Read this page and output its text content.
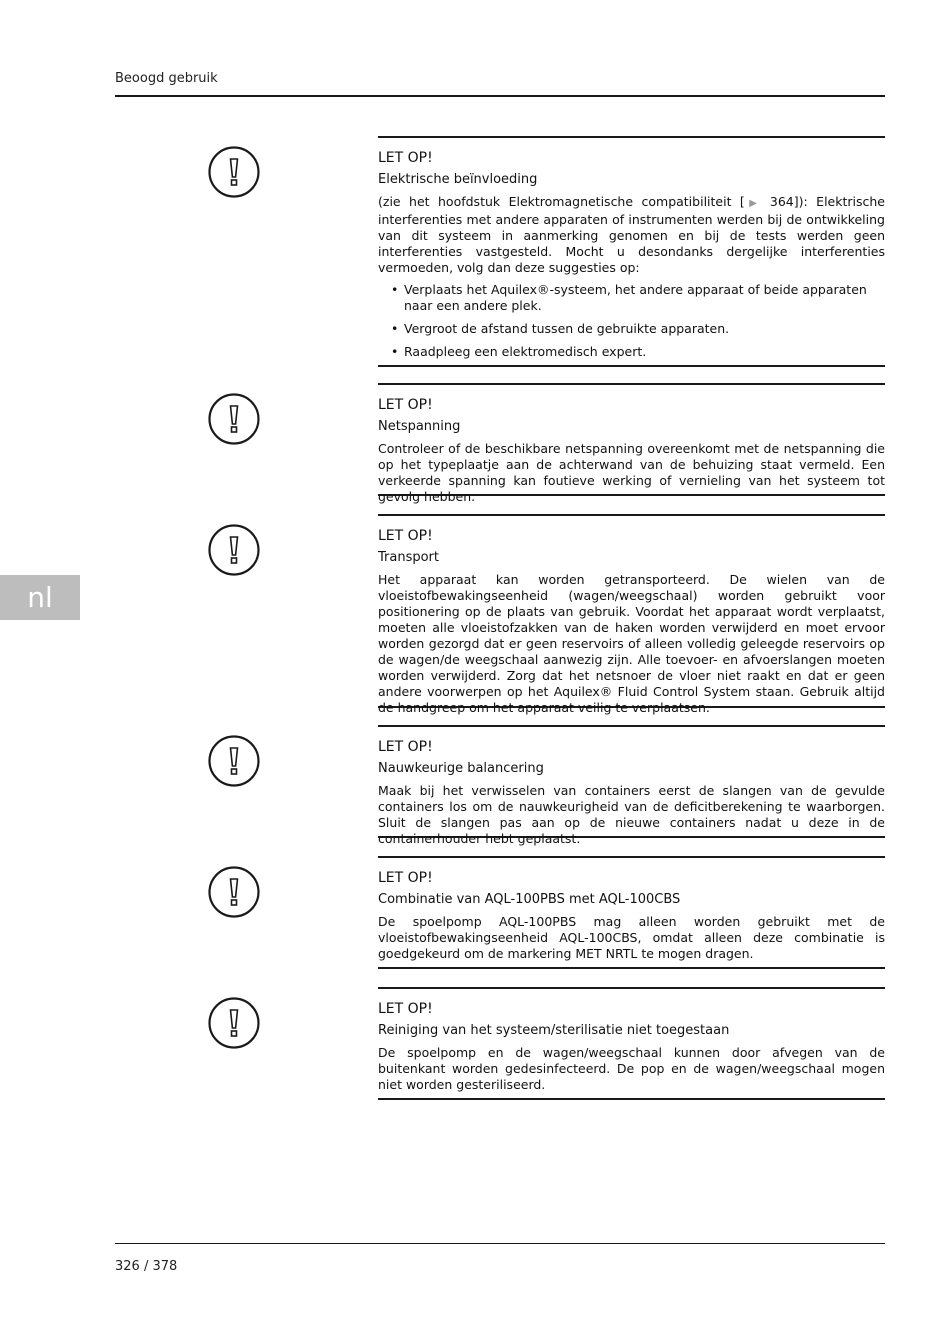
Beoogd gebruik
nl

LET OP!

Elektrische beïnvloeding

(zie het hoofdstuk Elektromagnetische compatibiliteit [▶ 364]): Elektrische interferenties met andere apparaten of instrumenten werden bij de ontwikkeling van dit systeem in aanmerking genomen en bij de tests werden geen interferenties vastgesteld. Mocht u desondanks dergelijke interferenties vermoeden, volg dan deze suggesties op:

• Verplaats het Aquilex®-systeem, het andere apparaat of beide apparaten naar een andere plek.
• Vergroot de afstand tussen de gebruikte apparaten.
• Raadpleeg een elektromedisch expert.

LET OP!

Netspanning

Controleer of de beschikbare netspanning overeenkomt met de netspanning die op het typeplaatje aan de achterwand van de behuizing staat vermeld. Een verkeerde spanning kan foutieve werking of vernieling van het systeem tot gevolg hebben.

LET OP!

Transport

Het apparaat kan worden getransporteerd. De wielen van de vloeistofbewakingseenheid (wagen/weegschaal) worden gebruikt voor positionering op de plaats van gebruik. Voordat het apparaat wordt verplaatst, moeten alle vloeistofzakken van de haken worden verwijderd en moet ervoor worden gezorgd dat er geen reservoirs of alleen volledig geleegde reservoirs op de wagen/de weegschaal aanwezig zijn. Alle toevoer- en afvoerslangen moeten worden verwijderd. Zorg dat het netsnoer de vloer niet raakt en dat er geen andere voorwerpen op het Aquilex® Fluid Control System staan. Gebruik altijd de handgreep om het apparaat veilig te verplaatsen.

LET OP!

Nauwkeurige balancering

Maak bij het verwisselen van containers eerst de slangen van de gevulde containers los om de nauwkeurigheid van de deficitberekening te waarborgen. Sluit de slangen pas aan op de nieuwe containers nadat u deze in de containerhouder hebt geplaatst.

LET OP!

Combinatie van AQL-100PBS met AQL-100CBS

De spoelpomp AQL-100PBS mag alleen worden gebruikt met de vloeistofbewakingseenheid AQL-100CBS, omdat alleen deze combinatie is goedgekeurd om de markering MET NRTL te mogen dragen.

LET OP!

Reiniging van het systeem/sterilisatie niet toegestaan

De spoelpomp en de wagen/weegschaal kunnen door afvegen van de buitenkant worden gedesinfecteerd. De pop en de wagen/weegschaal mogen niet worden gesteriliseerd.

326 / 378
